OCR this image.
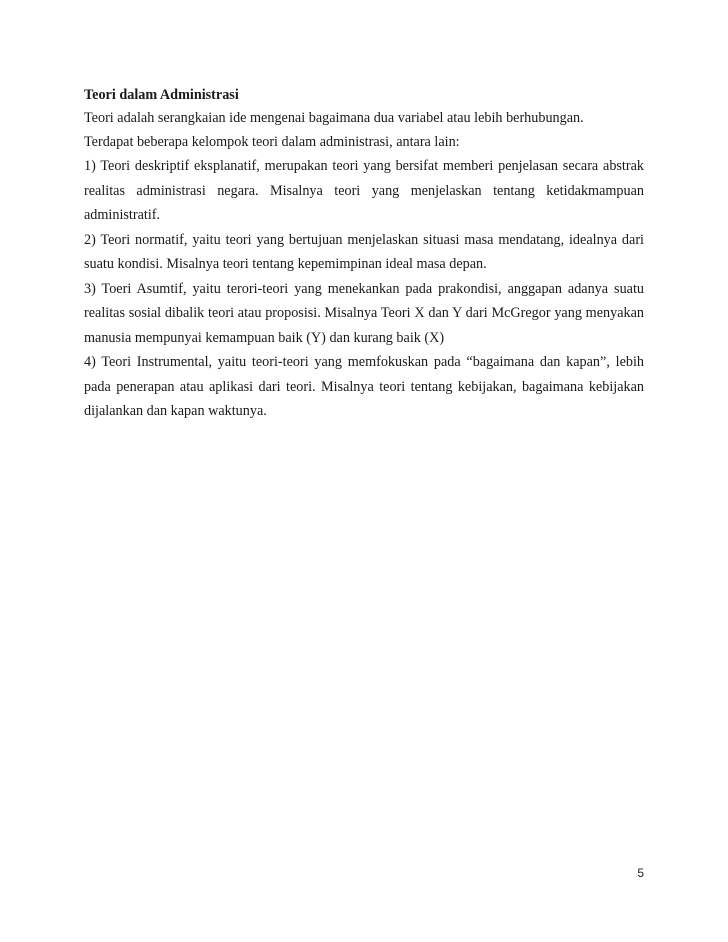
Teori dalam Administrasi
Teori adalah serangkaian ide mengenai bagaimana dua variabel atau lebih berhubungan.
Terdapat beberapa kelompok teori dalam administrasi, antara lain:
1) Teori deskriptif eksplanatif, merupakan teori yang bersifat memberi penjelasan secara abstrak realitas administrasi negara. Misalnya teori yang menjelaskan tentang ketidakmampuan administratif.
2) Teori normatif, yaitu teori yang bertujuan menjelaskan situasi masa mendatang, idealnya dari suatu kondisi. Misalnya teori tentang kepemimpinan ideal masa depan.
3) Toeri Asumtif, yaitu terori-teori yang menekankan pada prakondisi, anggapan adanya suatu realitas sosial dibalik teori atau proposisi. Misalnya Teori X dan Y dari McGregor yang menyakan manusia mempunyai kemampuan baik (Y) dan kurang baik (X)
4) Teori Instrumental, yaitu teori-teori yang memfokuskan pada “bagaimana dan kapan”, lebih pada penerapan atau aplikasi dari teori. Misalnya teori tentang kebijakan, bagaimana kebijakan dijalankan dan kapan waktunya.
5
